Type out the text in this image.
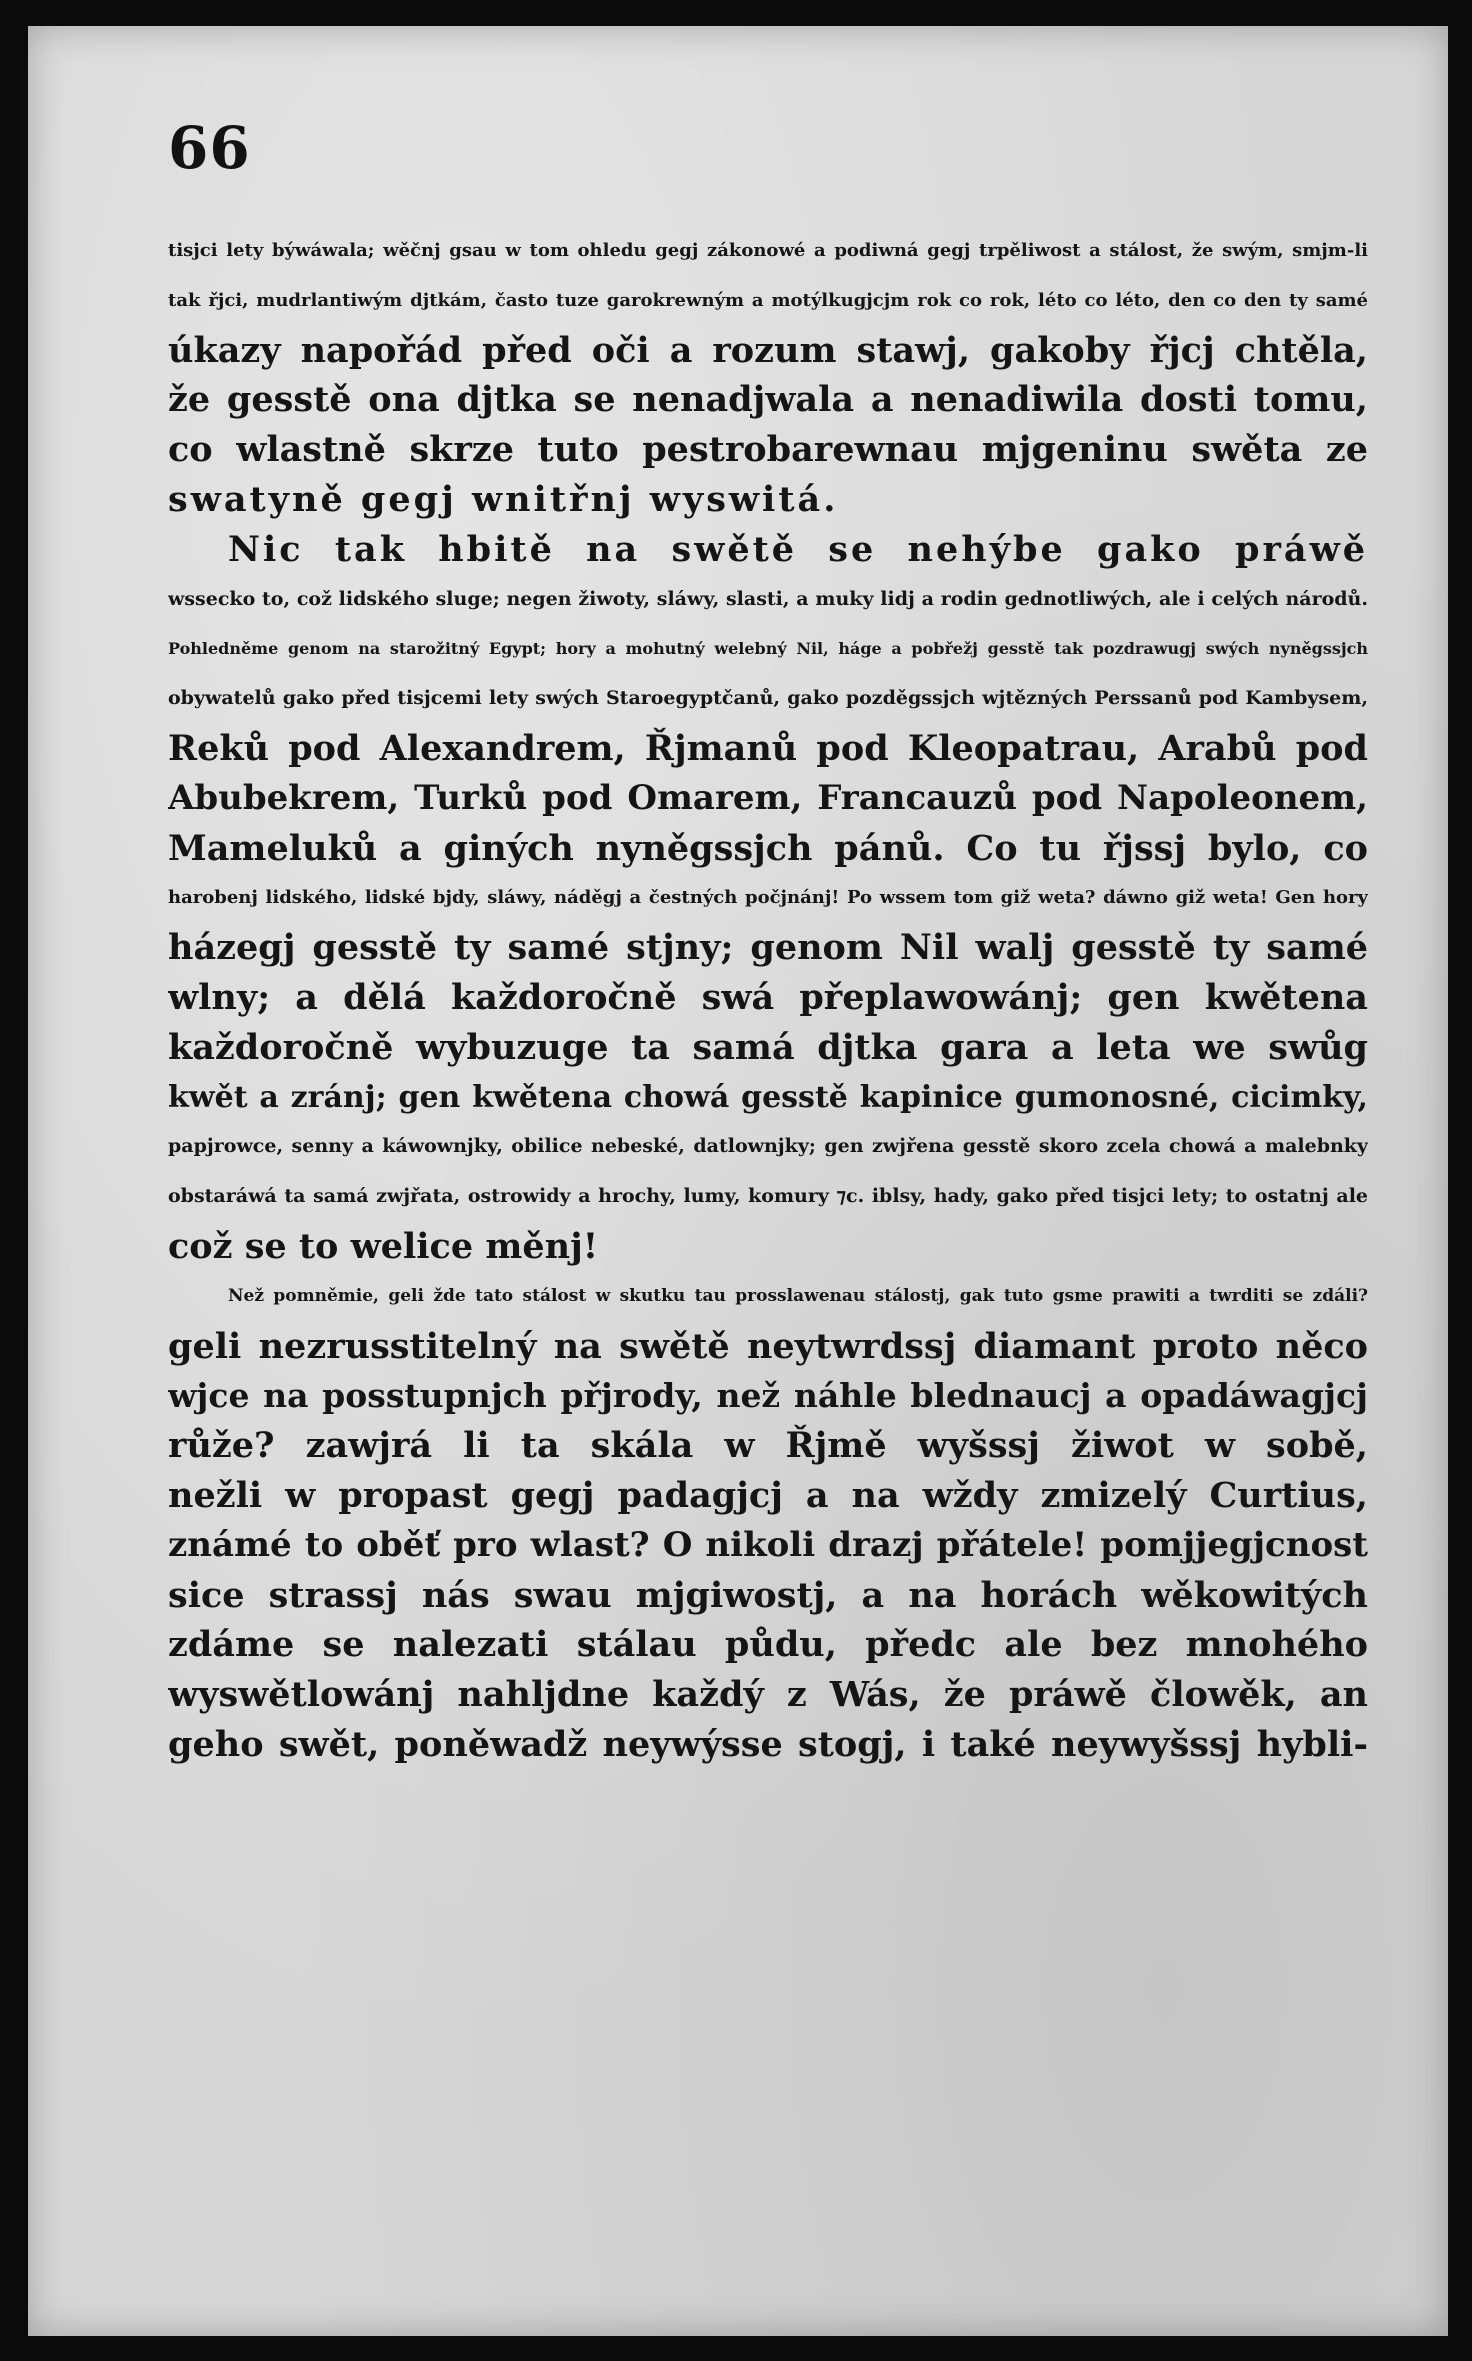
66
tisjci lety býwáwala; wěčnj gsau w tom ohledu gegj zákonowé a podiwná gegj trpěliwost a stálost, že swým, smjm-li
tak řjci, mudrlantiwým djtkám, často tuze garokrewným a motýlkugjcjm rok co rok, léto co léto, den co den ty samé
úkazy napořád před oči a rozum stawj, gakoby řjcj chtěla,
že gesstě ona djtka se nenadjwala a nenadiwila dosti tomu,
co wlastně skrze tuto pestrobarewnau mjgeninu swěta ze
swatyně gegj wnitřnj wyswitá.
Nic tak hbitě na swětě se nehýbe gako práwě
wssecko to, což lidského sluge; negen žiwoty, sláwy, slasti, a muky lidj a rodin gednotliwých, ale i celých národů.
Pohledněme genom na starožitný Egypt; hory a mohutný welebný Nil, háge a pobřežj gesstě tak pozdrawugj swých nyněgssjch
obywatelů gako před tisjcemi lety swých Staroegyptčanů, gako pozděgssjch wjtězných Perssanů pod Kambysem,
Reků pod Alexandrem, Řjmanů pod Kleopatrau, Arabů pod
Abubekrem, Turků pod Omarem, Francauzů pod Napoleonem,
Mameluků a giných nyněgssjch pánů. Co tu řjssj bylo, co
harobenj lidského, lidské bjdy, sláwy, náděgj a čestných počjnánj! Po wssem tom giž weta? dáwno giž weta! Gen hory
házegj gesstě ty samé stjny; genom Nil walj gesstě ty samé
wlny; a dělá každoročně swá přeplawowánj; gen kwětena
každoročně wybuzuge ta samá djtka gara a leta we swůg
kwět a zránj; gen kwětena chowá gesstě kapinice gumonosné, cicimky,
papjrowce, senny a káwownjky, obilice nebeské, datlownjky; gen zwjřena gesstě skoro zcela chowá a malebnky
obstaráwá ta samá zwjřata, ostrowidy a hrochy, lumy, komury ⁊c. iblsy, hady, gako před tisjci lety; to ostatnj ale
což se to welice měnj!
Než pomněmie, geli žde tato stálost w skutku tau prosslawenau stálostj, gak tuto gsme prawiti a twrditi se zdáli?
geli nezrusstitelný na swětě neytwrdssj diamant proto něco
wjce na posstupnjch přjrody, než náhle blednaucj a opadáwagjcj
růže? zawjrá li ta skála w Řjmě wyšssj žiwot w sobě,
nežli w propast gegj padagjcj a na wždy zmizelý Curtius,
známé to oběť pro wlast? O nikoli drazj přátele! pomjjegjcnost
sice strassj nás swau mjgiwostj, a na horách wěkowitých
zdáme se nalezati stálau půdu, předc ale bez mnohého
wyswětlowánj nahljdne každý z Wás, že práwě člowěk, an
geho swět, poněwadž neywýsse stogj, i také neywyšssj hybli-
